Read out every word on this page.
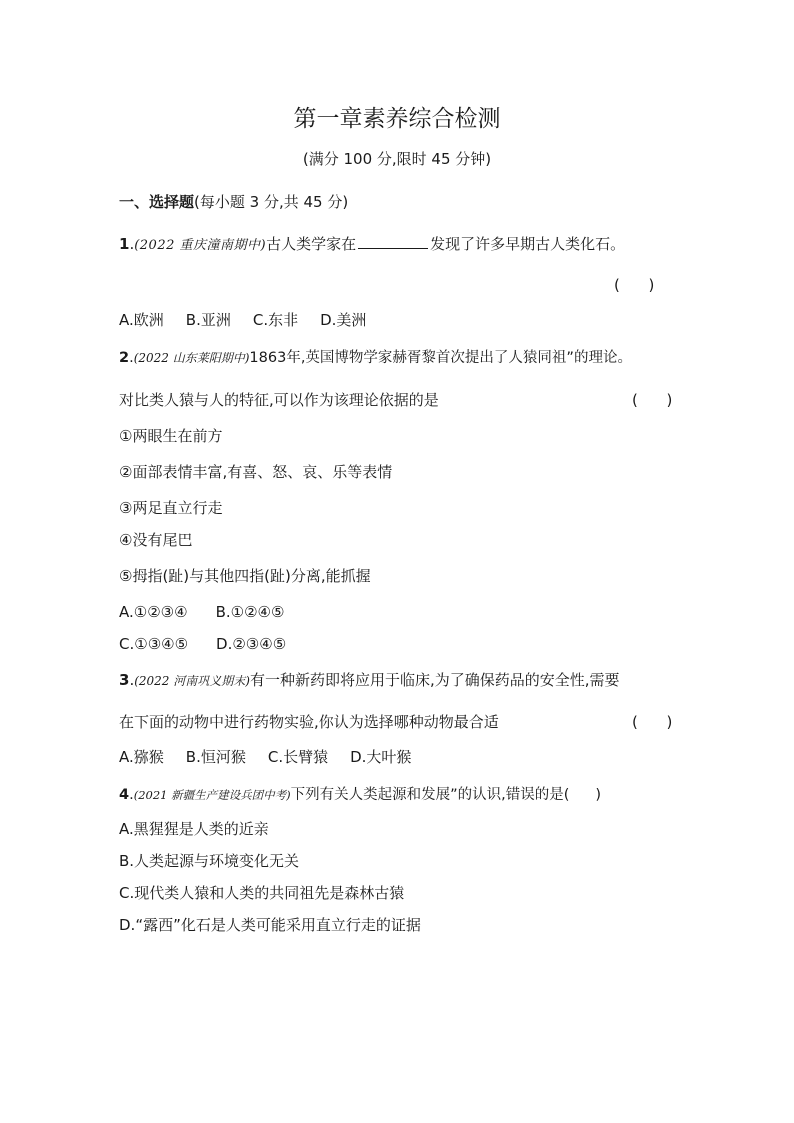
第一章素养综合检测
(满分 100 分,限时 45 分钟)
一、选择题(每小题 3 分,共 45 分)
1.(2022 重庆潼南期中)古人类学家在	发现了许多早期古人类化石。
(      )
A.欧洲 B.亚洲 C.东非 D.美洲
2.(2022 山东莱阳期中)1863年,英国博物学家赫胥黎首次提出了人猿同祖”的理论。
对比类人猿与人的特征,可以作为该理论依据的是	(      )
①两眼生在前方
②面部表情丰富,有喜、怒、哀、乐等表情
③两足直立行走
④没有尾巴
⑤拇指(趾)与其他四指(趾)分离,能抓握
A.①②③④ B.①②④⑤
C.①③④⑤ D.②③④⑤
3.(2022 河南巩义期末)有一种新药即将应用于临床,为了确保药品的安全性,需要
在下面的动物中进行药物实验,你认为选择哪种动物最合适	(      )
A.猕猴 B.恒河猴 C.长臂猿 D.大叶猴
4.(2021 新疆生产建设兵团中考)下列有关人类起源和发展”的认识,错误的是( )
A.黑猩猩是人类的近亲
B.人类起源与环境变化无关
C.现代类人猿和人类的共同祖先是森林古猿
D.“露西”化石是人类可能采用直立行走的证据
